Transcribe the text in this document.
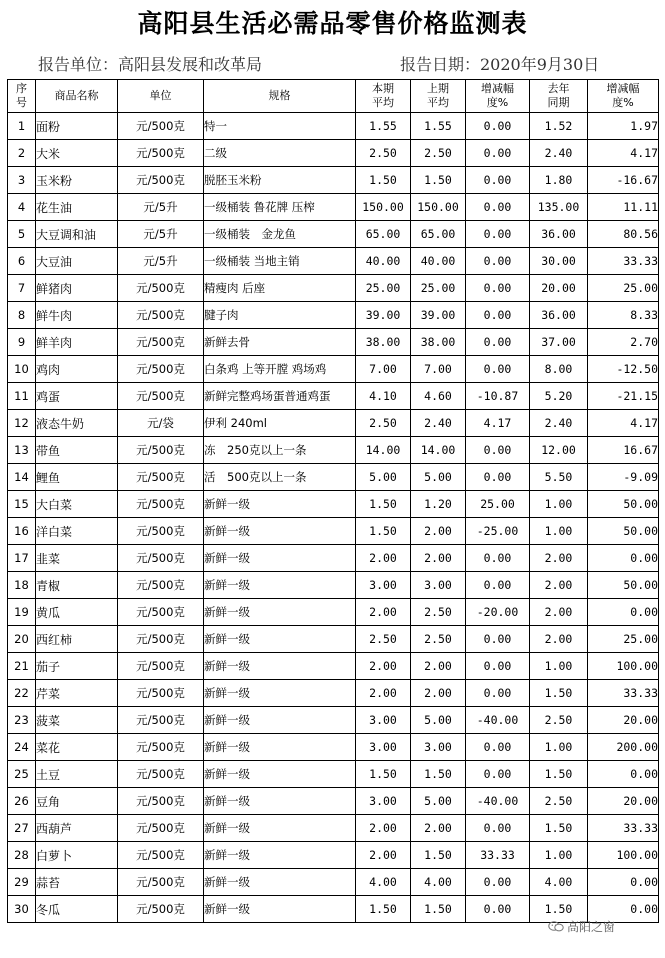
高阳县生活必需品零售价格监测表
报告单位：高阳县发展和改革局	报告日期：2020年9月30日
序号	商品名称	单位	规格	本期平均	上期平均	增减幅度%	去年同期	增减幅度%
1	面粉	元/500克	特一	1.55	1.55	0.00	1.52	1.97
2	大米	元/500克	二级	2.50	2.50	0.00	2.40	4.17
3	玉米粉	元/500克	脱胚玉米粉	1.50	1.50	0.00	1.80	-16.67
4	花生油	元/5升	一级桶装 鲁花牌 压榨	150.00	150.00	0.00	135.00	11.11
5	大豆调和油	元/5升	一级桶装　金龙鱼	65.00	65.00	0.00	36.00	80.56
6	大豆油	元/5升	一级桶装 当地主销	40.00	40.00	0.00	30.00	33.33
7	鲜猪肉	元/500克	精瘦肉 后座	25.00	25.00	0.00	20.00	25.00
8	鲜牛肉	元/500克	腱子肉	39.00	39.00	0.00	36.00	8.33
9	鲜羊肉	元/500克	新鲜去骨	38.00	38.00	0.00	37.00	2.70
10	鸡肉	元/500克	白条鸡 上等开膛 鸡场鸡	7.00	7.00	0.00	8.00	-12.50
11	鸡蛋	元/500克	新鲜完整鸡场蛋普通鸡蛋	4.10	4.60	-10.87	5.20	-21.15
12	液态牛奶	元/袋	伊利 240ml	2.50	2.40	4.17	2.40	4.17
13	带鱼	元/500克	冻　250克以上一条	14.00	14.00	0.00	12.00	16.67
14	鲤鱼	元/500克	活　500克以上一条	5.00	5.00	0.00	5.50	-9.09
15	大白菜	元/500克	新鲜一级	1.50	1.20	25.00	1.00	50.00
16	洋白菜	元/500克	新鲜一级	1.50	2.00	-25.00	1.00	50.00
17	韭菜	元/500克	新鲜一级	2.00	2.00	0.00	2.00	0.00
18	青椒	元/500克	新鲜一级	3.00	3.00	0.00	2.00	50.00
19	黄瓜	元/500克	新鲜一级	2.00	2.50	-20.00	2.00	0.00
20	西红柿	元/500克	新鲜一级	2.50	2.50	0.00	2.00	25.00
21	茄子	元/500克	新鲜一级	2.00	2.00	0.00	1.00	100.00
22	芹菜	元/500克	新鲜一级	2.00	2.00	0.00	1.50	33.33
23	菠菜	元/500克	新鲜一级	3.00	5.00	-40.00	2.50	20.00
24	菜花	元/500克	新鲜一级	3.00	3.00	0.00	1.00	200.00
25	土豆	元/500克	新鲜一级	1.50	1.50	0.00	1.50	0.00
26	豆角	元/500克	新鲜一级	3.00	5.00	-40.00	2.50	20.00
27	西葫芦	元/500克	新鲜一级	2.00	2.00	0.00	1.50	33.33
28	白萝卜	元/500克	新鲜一级	2.00	1.50	33.33	1.00	100.00
29	蒜苔	元/500克	新鲜一级	4.00	4.00	0.00	4.00	0.00
30	冬瓜	元/500克	新鲜一级	1.50	1.50	0.00	1.50	0.00
高阳之窗
